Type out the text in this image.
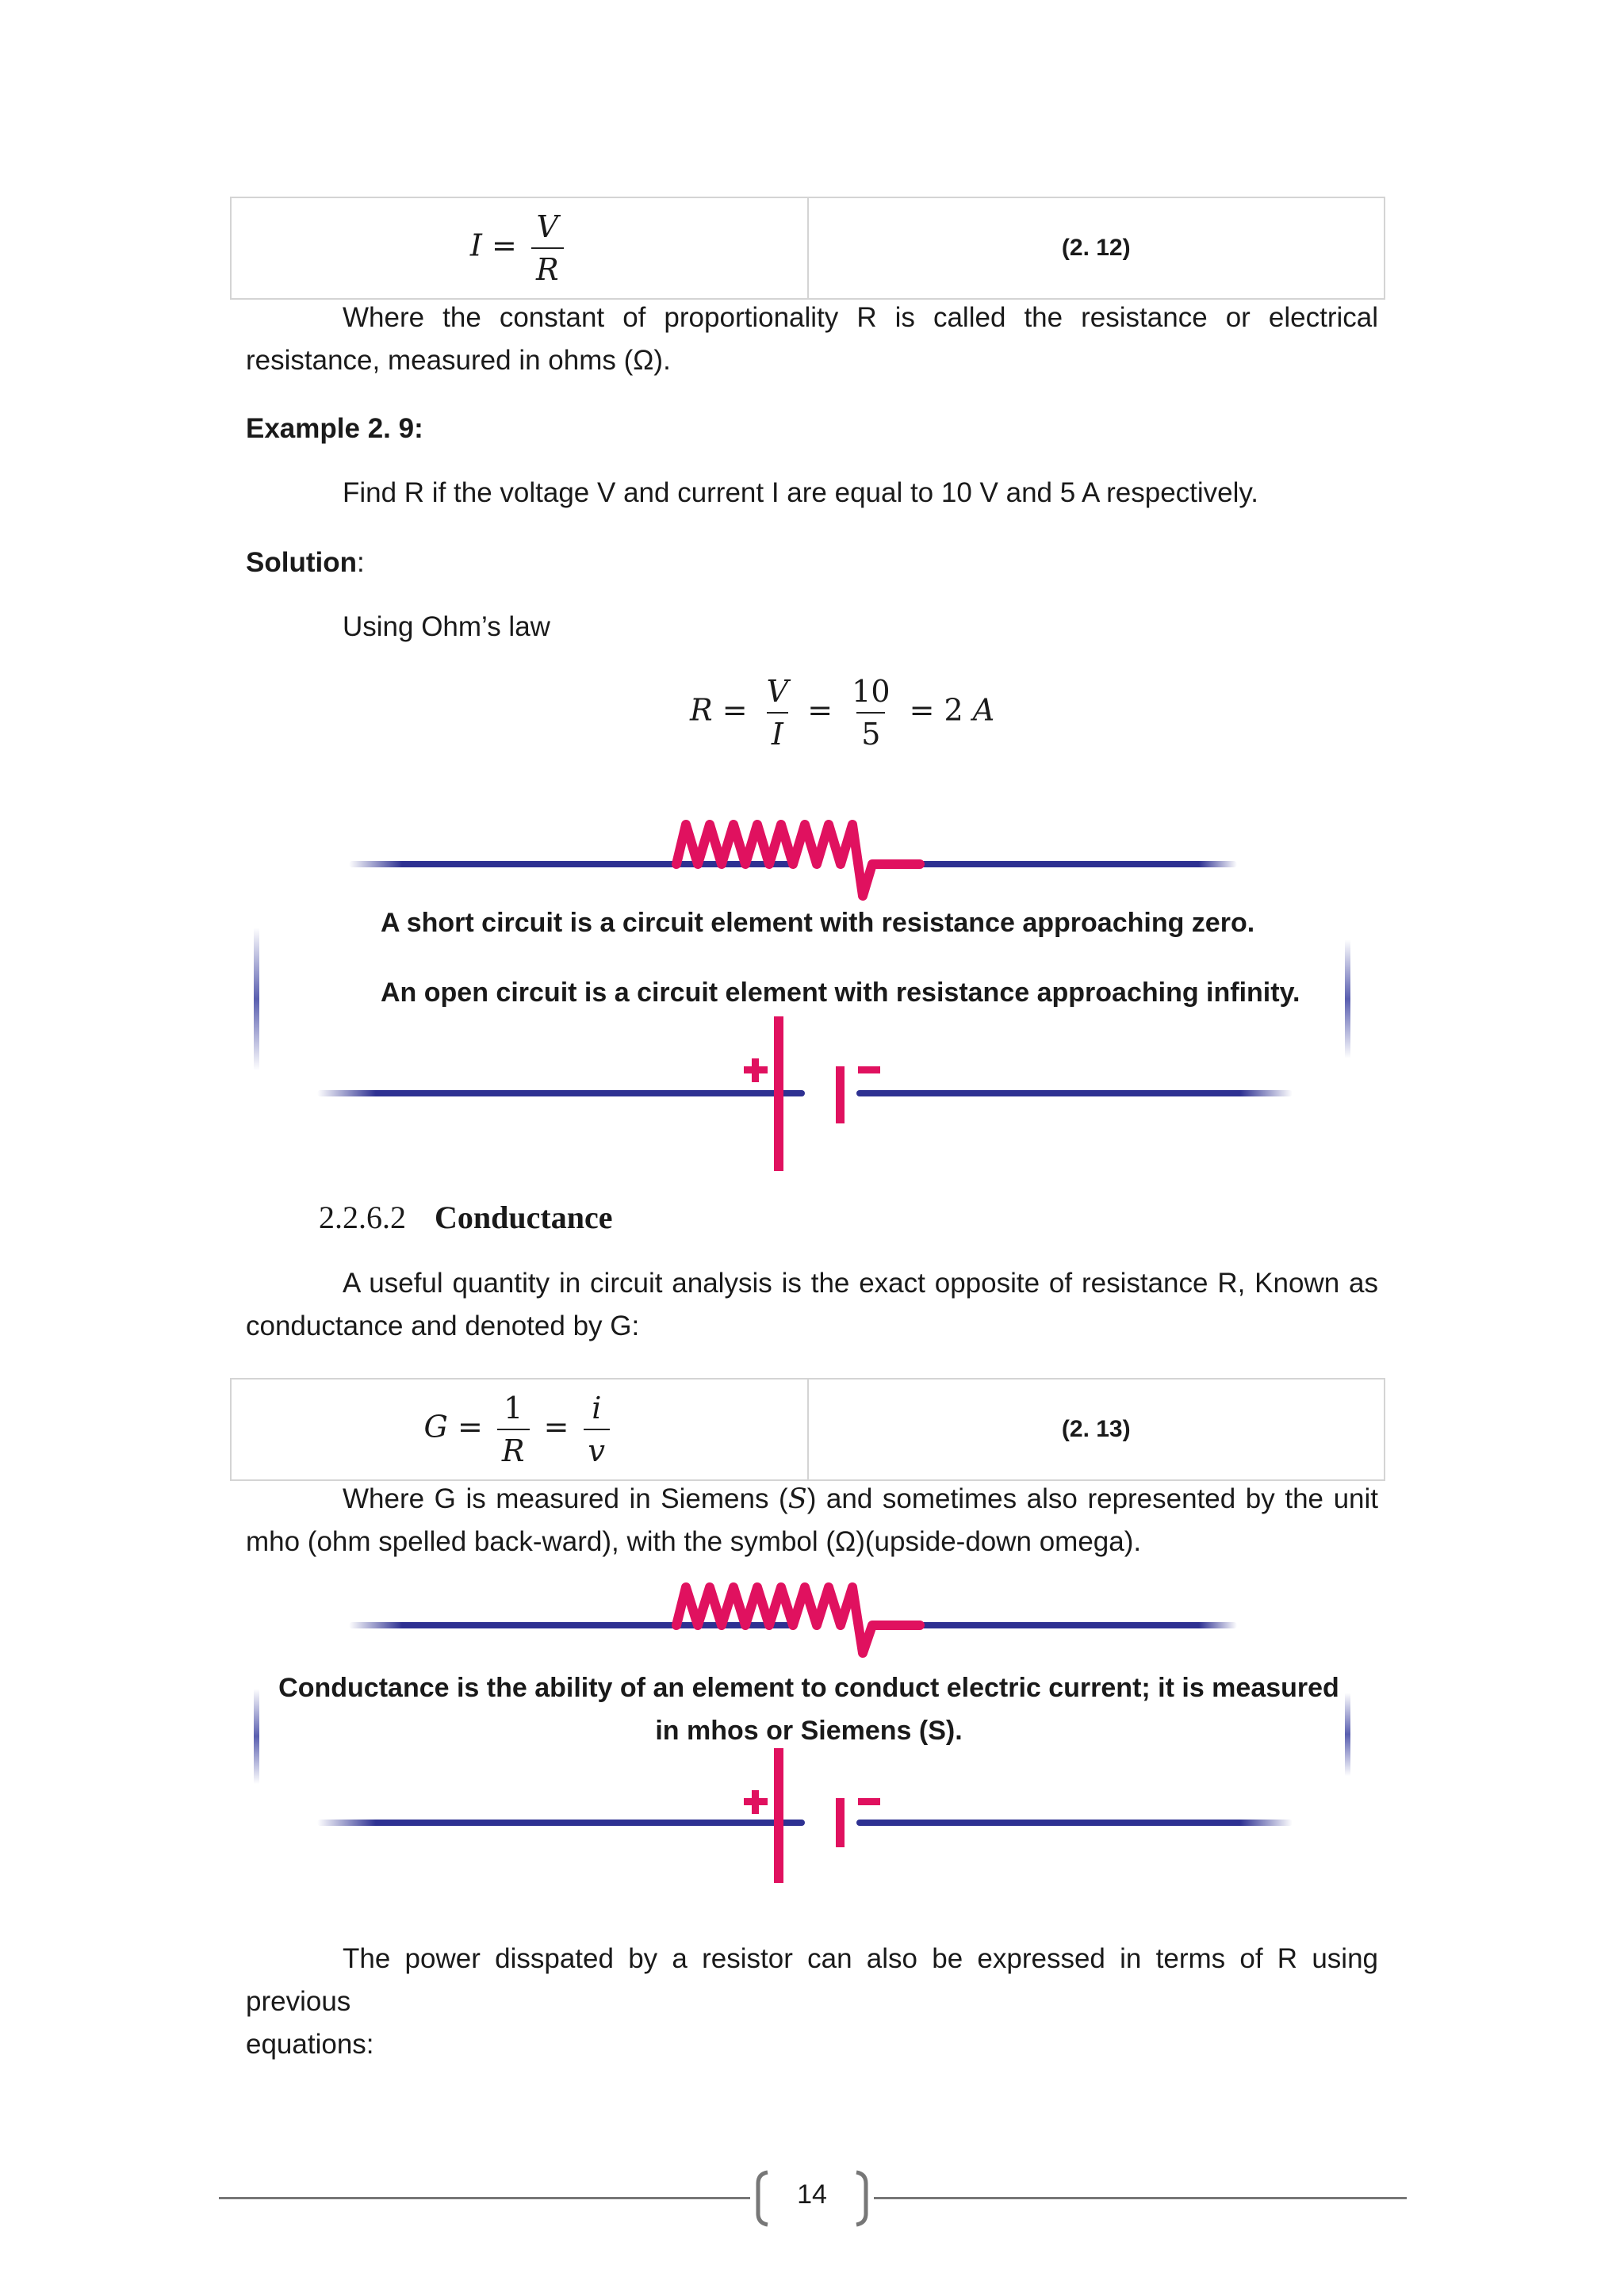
$I = \frac{V}{R}$	(2. 12)
Where the constant of proportionality R is called the resistance or electrical
resistance, measured in ohms (Ω).
Example 2. 9:
Find R if the voltage V and current I are equal to 10 V and 5 A respectively.
Solution:
Using Ohm’s law
$R = \frac{V}{I} = \frac{10}{5} = 2$ A
A short circuit is a circuit element with resistance approaching zero.
An open circuit is a circuit element with resistance approaching infinity.
2.2.6.2 Conductance
A useful quantity in circuit analysis is the exact opposite of resistance R, Known as
conductance and denoted by G:
$G = \frac{1}{R} = \frac{i}{v}$	(2. 13)
Where G is measured in Siemens (S) and sometimes also represented by the unit
mho (ohm spelled back-ward), with the symbol (Ω)(upside-down omega).
Conductance is the ability of an element to conduct electric current; it is measured
in mhos or Siemens (S).
The power disspated by a resistor can also be expressed in terms of R using previous
equations:
14
